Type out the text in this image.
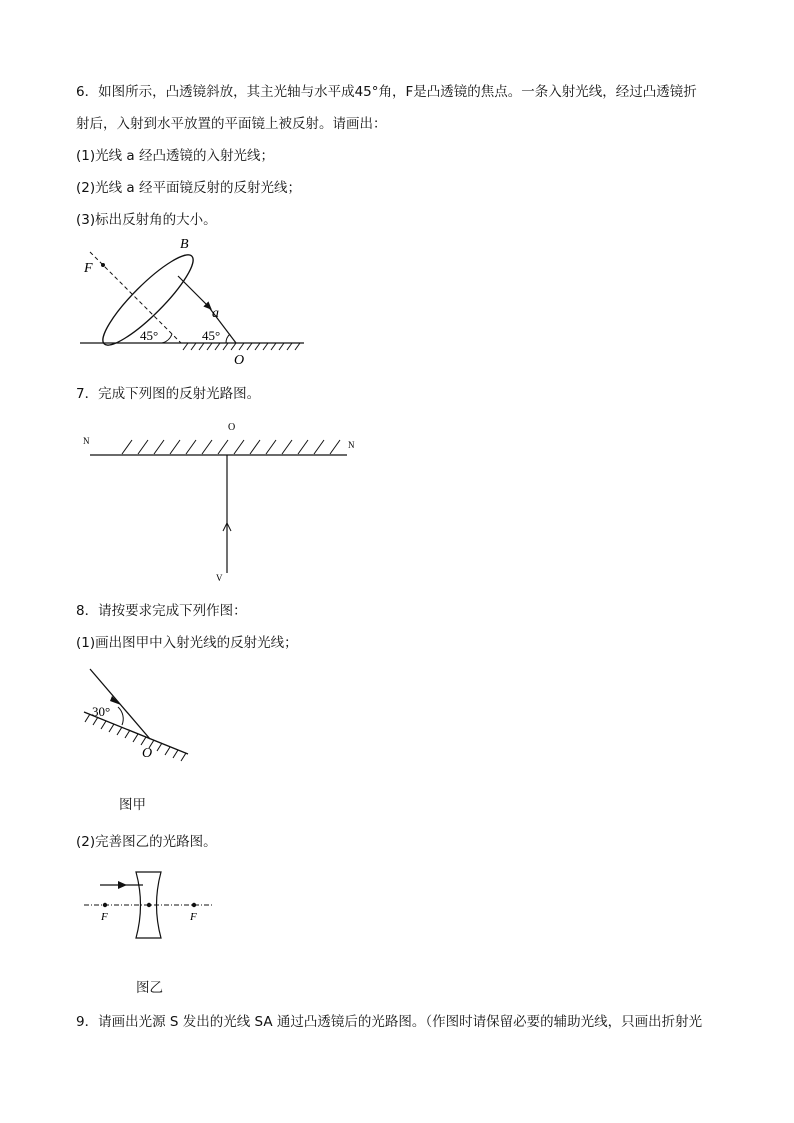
6．如图所示，凸透镜斜放，其主光轴与水平成45°角，F是凸透镜的焦点。一条入射光线，经过凸透镜折
射后，入射到水平放置的平面镜上被反射。请画出：
(1)光线 a 经凸透镜的入射光线；
(2)光线 a 经平面镜反射的反射光线；
(3)标出反射角的大小。
B
F
a
O
45°	45°
7．完成下列图的反射光路图。
O
N	N
V
8．请按要求完成下列作图：
(1)画出图甲中入射光线的反射光线；
30°
O
图甲
(2)完善图乙的光路图。
F	F
图乙
9．请画出光源 S 发出的光线 SA 通过凸透镜后的光路图。（作图时请保留必要的辅助光线，只画出折射光
